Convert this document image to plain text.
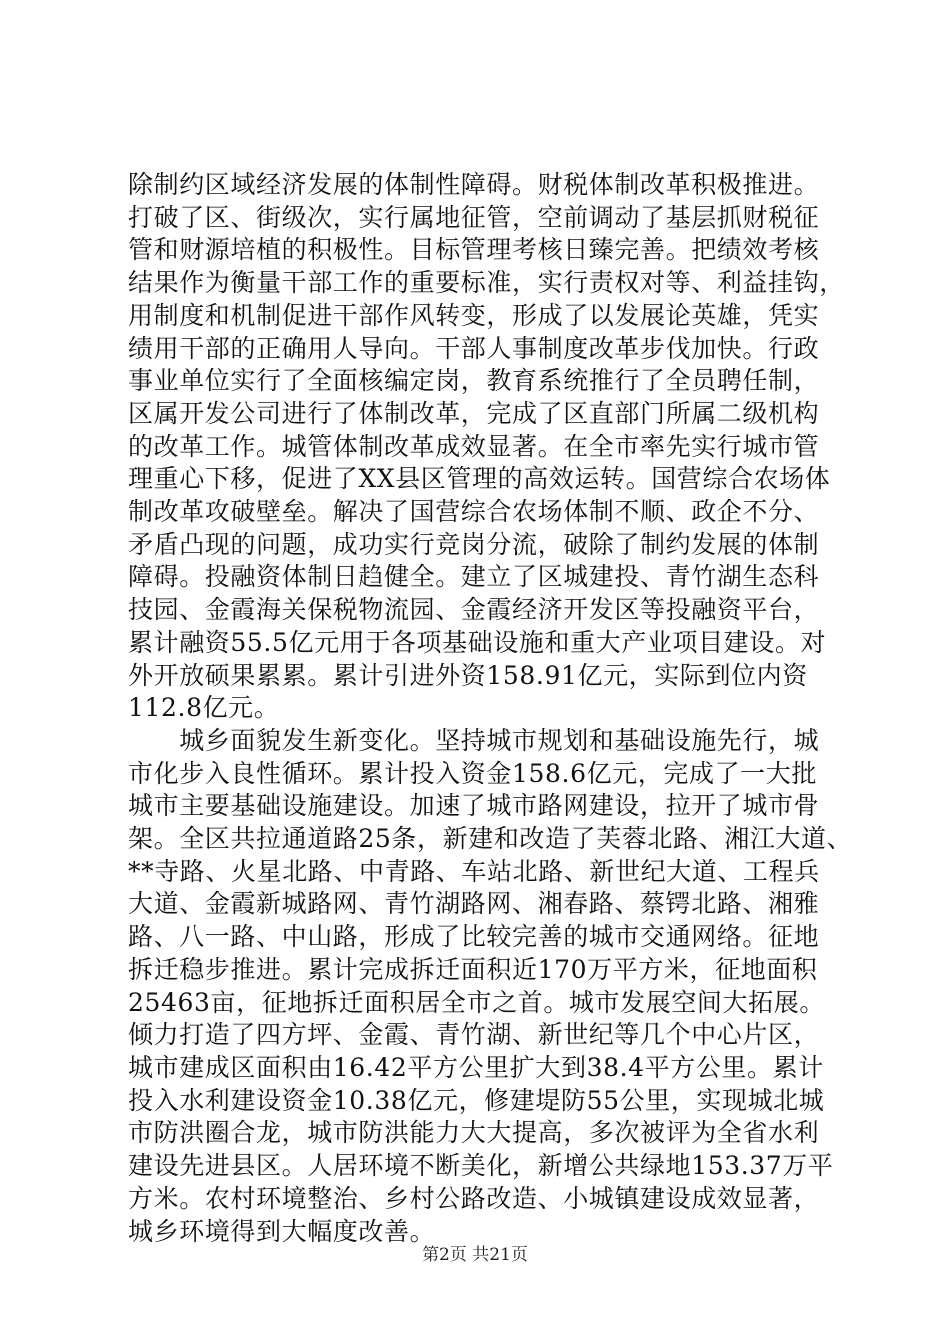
除制约区域经济发展的体制性障碍。财税体制改革积极推进。
打破了区、街级次，实行属地征管，空前调动了基层抓财税征
管和财源培植的积极性。目标管理考核日臻完善。把绩效考核
结果作为衡量干部工作的重要标准，实行责权对等、利益挂钩，
用制度和机制促进干部作风转变，形成了以发展论英雄，凭实
绩用干部的正确用人导向。干部人事制度改革步伐加快。行政
事业单位实行了全面核编定岗，教育系统推行了全员聘任制，
区属开发公司进行了体制改革，完成了区直部门所属二级机构
的改革工作。城管体制改革成效显著。在全市率先实行城市管
理重心下移，促进了XX县区管理的高效运转。国营综合农场体
制改革攻破壁垒。解决了国营综合农场体制不顺、政企不分、
矛盾凸现的问题，成功实行竞岗分流，破除了制约发展的体制
障碍。投融资体制日趋健全。建立了区城建投、青竹湖生态科
技园、金霞海关保税物流园、金霞经济开发区等投融资平台，
累计融资55.5亿元用于各项基础设施和重大产业项目建设。对
外开放硕果累累。累计引进外资158.91亿元，实际到位内资
112.8亿元。
　　城乡面貌发生新变化。坚持城市规划和基础设施先行，城
市化步入良性循环。累计投入资金158.6亿元，完成了一大批
城市主要基础设施建设。加速了城市路网建设，拉开了城市骨
架。全区共拉通道路25条，新建和改造了芙蓉北路、湘江大道、
**寺路、火星北路、中青路、车站北路、新世纪大道、工程兵
大道、金霞新城路网、青竹湖路网、湘春路、蔡锷北路、湘雅
路、八一路、中山路，形成了比较完善的城市交通网络。征地
拆迁稳步推进。累计完成拆迁面积近170万平方米，征地面积
25463亩，征地拆迁面积居全市之首。城市发展空间大拓展。
倾力打造了四方坪、金霞、青竹湖、新世纪等几个中心片区，
城市建成区面积由16.42平方公里扩大到38.4平方公里。累计
投入水利建设资金10.38亿元，修建堤防55公里，实现城北城
市防洪圈合龙，城市防洪能力大大提高，多次被评为全省水利
建设先进县区。人居环境不断美化，新增公共绿地153.37万平
方米。农村环境整治、乡村公路改造、小城镇建设成效显著，
城乡环境得到大幅度改善。
第2页 共21页
